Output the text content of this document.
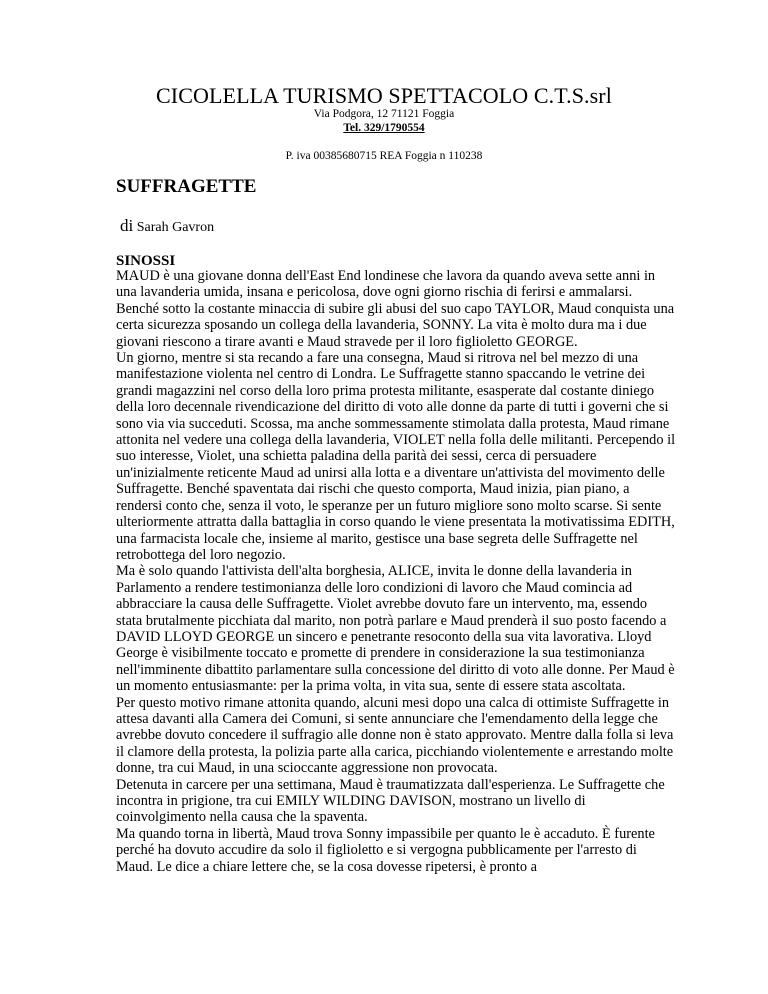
CICOLELLA TURISMO SPETTACOLO C.T.S.srl
Via Podgora, 12 71121 Foggia
Tel. 329/1790554
P. iva 00385680715 REA Foggia n 110238
SUFFRAGETTE
di Sarah Gavron
SINOSSI

MAUD è una giovane donna dell'East End londinese che lavora da quando aveva sette anni in una lavanderia umida, insana e pericolosa, dove ogni giorno rischia di ferirsi e ammalarsi. Benché sotto la costante minaccia di subire gli abusi del suo capo TAYLOR, Maud conquista una certa sicurezza sposando un collega della lavanderia, SONNY. La vita è molto dura ma i due giovani riescono a tirare avanti e Maud stravede per il loro figlioletto GEORGE.

Un giorno, mentre si sta recando a fare una consegna, Maud si ritrova nel bel mezzo di una manifestazione violenta nel centro di Londra. Le Suffragette stanno spaccando le vetrine dei grandi magazzini nel corso della loro prima protesta militante, esasperate dal costante diniego della loro decennale rivendicazione del diritto di voto alle donne da parte di tutti i governi che si sono via via succeduti. Scossa, ma anche sommessamente stimolata dalla protesta, Maud rimane attonita nel vedere una collega della lavanderia, VIOLET nella folla delle militanti. Percependo il suo interesse, Violet, una schietta paladina della parità dei sessi, cerca di persuadere un'inizialmente reticente Maud ad unirsi alla lotta e a diventare un'attivista del movimento delle Suffragette. Benché spaventata dai rischi che questo comporta, Maud inizia, pian piano, a rendersi conto che, senza il voto, le speranze per un futuro migliore sono molto scarse. Si sente ulteriormente attratta dalla battaglia in corso quando le viene presentata la motivatissima EDITH, una farmacista locale che, insieme al marito, gestisce una base segreta delle Suffragette nel retrobottega del loro negozio.

Ma è solo quando l'attivista dell'alta borghesia, ALICE, invita le donne della lavanderia in Parlamento a rendere testimonianza delle loro condizioni di lavoro che Maud comincia ad abbracciare la causa delle Suffragette. Violet avrebbe dovuto fare un intervento, ma, essendo stata brutalmente picchiata dal marito, non potrà parlare e Maud prenderà il suo posto facendo a DAVID LLOYD GEORGE un sincero e penetrante resoconto della sua vita lavorativa. Lloyd George è visibilmente toccato e promette di prendere in considerazione la sua testimonianza nell'imminente dibattito parlamentare sulla concessione del diritto di voto alle donne. Per Maud è un momento entusiasmante: per la prima volta, in vita sua, sente di essere stata ascoltata.

Per questo motivo rimane attonita quando, alcuni mesi dopo una calca di ottimiste Suffragette in attesa davanti alla Camera dei Comuni, si sente annunciare che l'emendamento della legge che avrebbe dovuto concedere il suffragio alle donne non è stato approvato. Mentre dalla folla si leva il clamore della protesta, la polizia parte alla carica, picchiando violentemente e arrestando molte donne, tra cui Maud, in una scioccante aggressione non provocata.

Detenuta in carcere per una settimana, Maud è traumatizzata dall'esperienza. Le Suffragette che incontra in prigione, tra cui EMILY WILDING DAVISON, mostrano un livello di coinvolgimento nella causa che la spaventa.

Ma quando torna in libertà, Maud trova Sonny impassibile per quanto le è accaduto. È furente perché ha dovuto accudire da solo il figlioletto e si vergogna pubblicamente per l'arresto di Maud. Le dice a chiare lettere che, se la cosa dovesse ripetersi, è pronto a
